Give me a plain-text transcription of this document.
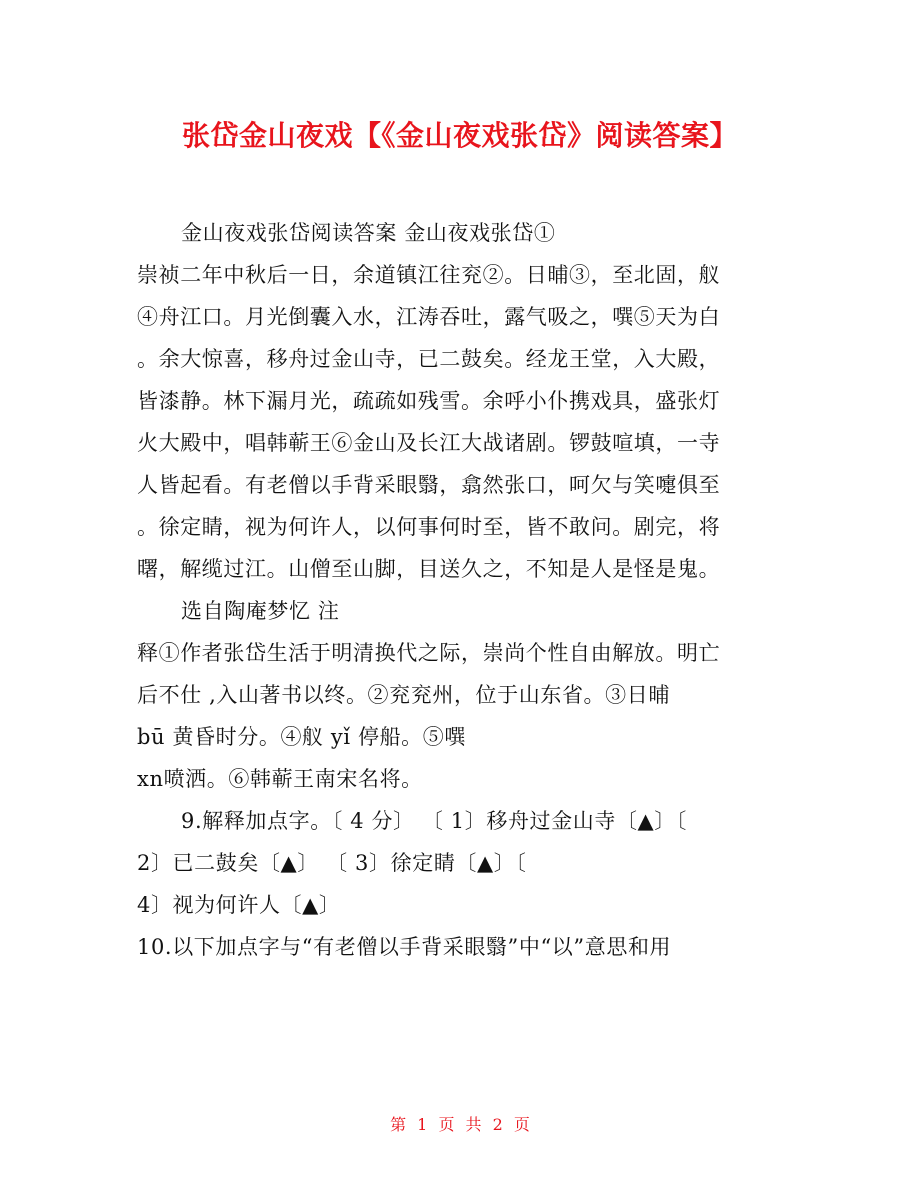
张岱金山夜戏【《金山夜戏张岱》阅读答案】
金山夜戏张岱阅读答案 金山夜戏张岱①
崇祯二年中秋后一日，余道镇江往兖②。日晡③，至北固，舣
④舟江口。月光倒囊入水，江涛吞吐，露气吸之，噀⑤天为白
。余大惊喜，移舟过金山寺，已二鼓矣。经龙王堂，入大殿，
皆漆静。林下漏月光，疏疏如残雪。余呼小仆携戏具，盛张灯
火大殿中，唱韩蕲王⑥金山及长江大战诸剧。锣鼓喧填，一寺
人皆起看。有老僧以手背采眼翳，翕然张口，呵欠与笑嚏俱至
。徐定睛，视为何许人，以何事何时至，皆不敢问。剧完，将
曙，解缆过江。山僧至山脚，目送久之，不知是人是怪是鬼。
选自陶庵梦忆 注
释①作者张岱生活于明清换代之际，崇尚个性自由解放。明亡
后不仕 ,入山著书以终。②兖兖州，位于山东省。③日晡
bū 黄昏时分。④舣 yǐ 停船。⑤噀
xn喷洒。⑥韩蕲王南宋名将。
9.解释加点字。〔 4 分〕 〔 1〕移舟过金山寺〔▲〕〔
2〕已二鼓矣〔▲〕 〔 3〕徐定睛〔▲〕〔
4〕视为何许人〔▲〕
10.以下加点字与“有老僧以手背采眼翳”中“以”意思和用
第 1 页 共 2 页
